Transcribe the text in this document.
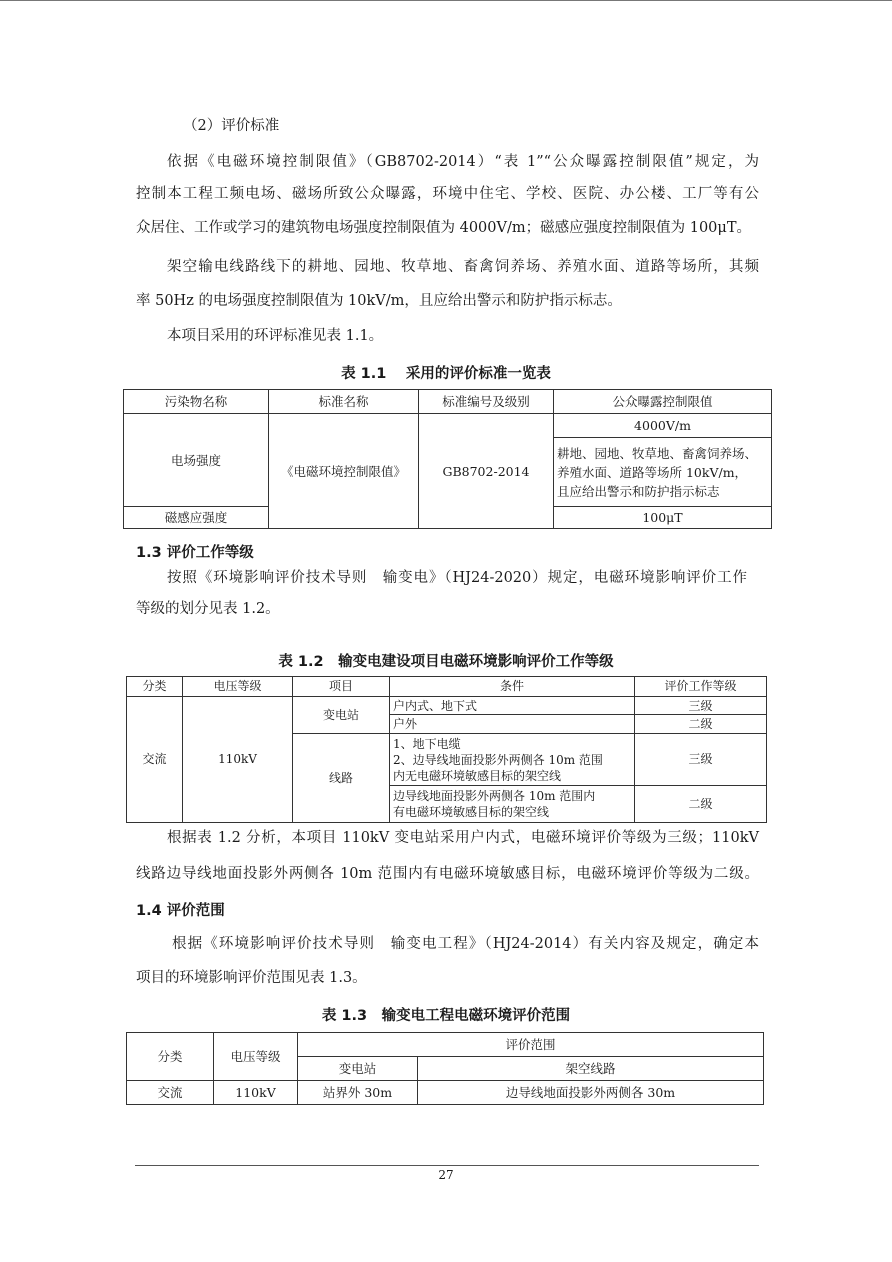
（2）评价标准
依据《电磁环境控制限值》（GB8702-2014）“表 1”“公众曝露控制限值”规定，为
控制本工程工频电场、磁场所致公众曝露，环境中住宅、学校、医院、办公楼、工厂等有公
众居住、工作或学习的建筑物电场强度控制限值为 4000V/m；磁感应强度控制限值为 100μT。
架空输电线路线下的耕地、园地、牧草地、畜禽饲养场、养殖水面、道路等场所，其频
率 50Hz 的电场强度控制限值为 10kV/m，且应给出警示和防护指示标志。
本项目采用的环评标准见表 1.1。
表 1.1　 采用的评价标准一览表
污染物名称	标准名称	标准编号及级别	公众曝露控制限值
电场强度	《电磁环境控制限值》	GB8702-2014	4000V/m

			耕地、园地、牧草地、畜禽饲养场、
养殖水面、道路等场所 10kV/m，
且应给出警示和防护指示标志

磁感应强度			100μT
1.3 评价工作等级
按照《环境影响评价技术导则　输变电》（HJ24-2020）规定，电磁环境影响评价工作
等级的划分见表 1.2。
表 1.2　输变电建设项目电磁环境影响评价工作等级
分类	电压等级	项目	条件	评价工作等级
交流	110kV	变电站	户内式、地下式	三级
			户外	二级
		线路	1、地下电缆
2、边导线地面投影外两侧各 10m 范围
内无电磁环境敏感目标的架空线	三级

			边导线地面投影外两侧各 10m 范围内
有电磁环境敏感目标的架空线	二级
根据表 1.2 分析，本项目 110kV 变电站采用户内式，电磁环境评价等级为三级；110kV
线路边导线地面投影外两侧各 10m 范围内有电磁环境敏感目标，电磁环境评价等级为二级。
1.4 评价范围
根据《环境影响评价技术导则　输变电工程》（HJ24-2014）有关内容及规定，确定本
项目的环境影响评价范围见表 1.3。
表 1.3　输变电工程电磁环境评价范围
分类	电压等级	评价范围	
		变电站	架空线路
交流	110kV	站界外 30m	边导线地面投影外两侧各 30m
27
